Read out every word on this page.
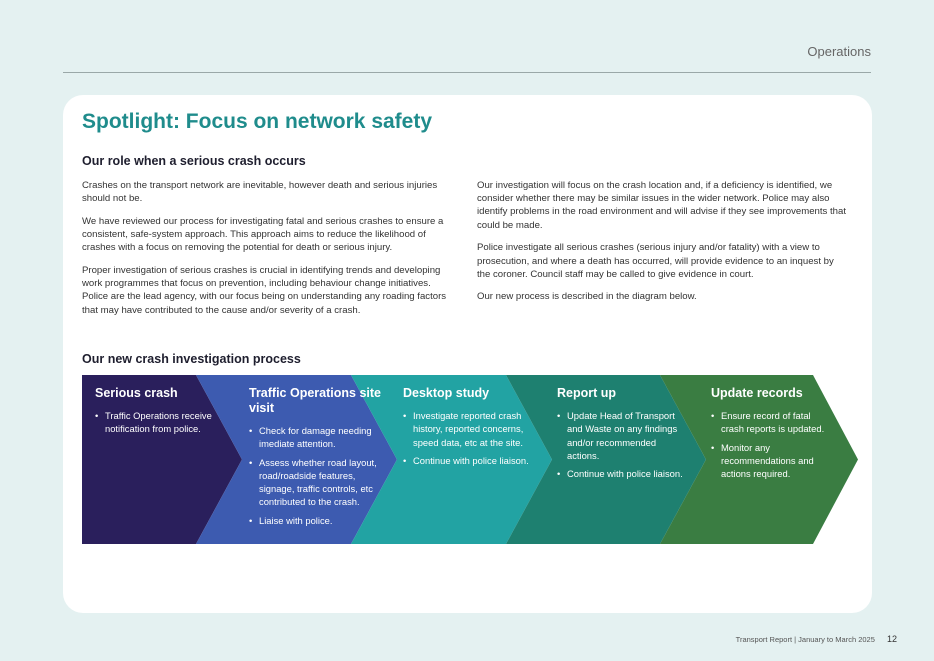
Operations
Spotlight: Focus on network safety
Our role when a serious crash occurs

Crashes on the transport network are inevitable, however death and serious injuries should not be.

We have reviewed our process for investigating fatal and serious crashes to ensure a consistent, safe-system approach. This approach aims to reduce the likelihood of crashes with a focus on removing the potential for death or serious injury.

Proper investigation of serious crashes is crucial in identifying trends and developing work programmes that focus on prevention, including behaviour change initiatives. Police are the lead agency, with our focus being on understanding any roading factors that may have contributed to the cause and/or severity of a crash.

Our investigation will focus on the crash location and, if a deficiency is identified, we consider whether there may be similar issues in the wider network. Police may also identify problems in the road environment and will advise if they see improvements that could be made.

Police investigate all serious crashes (serious injury and/or fatality) with a view to prosecution, and where a death has occurred, will provide evidence to an inquest by the coroner. Council staff may be called to give evidence in court.

Our new process is described in the diagram below.

Our new crash investigation process
Serious crash
• Traffic Operations receive notification from police.
Traffic Operations site visit
• Check for damage needing imediate attention.
• Assess whether road layout, road/roadside features, signage, traffic controls, etc contributed to the crash.
• Liaise with police.
Desktop study
• Investigate reported crash history, reported concerns, speed data, etc at the site.
• Continue with police liaison.
Report up
• Update Head of Transport and Waste on any findings and/or recommended actions.
• Continue with police liaison.
Update records
• Ensure record of fatal crash reports is updated.
• Monitor any recommendations and actions required.
Transport Report | January to March 2025 12
